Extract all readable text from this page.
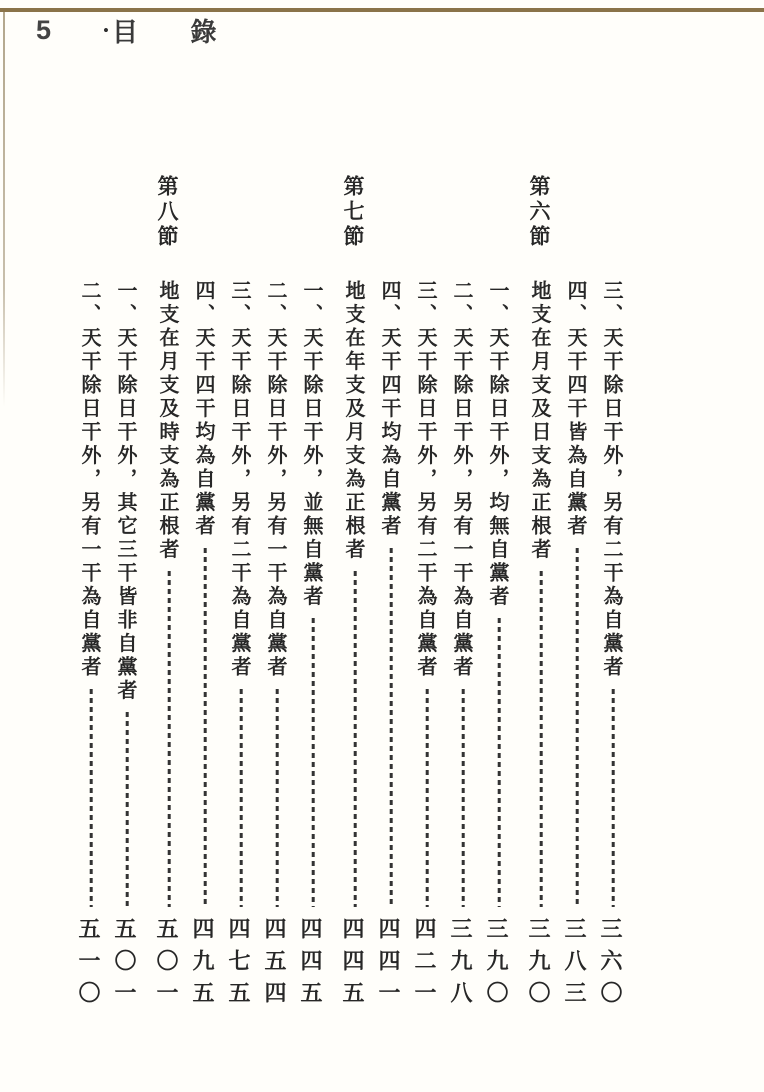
5	• 目 錄
三、天干除日干外，另有二干為自黨者
三六〇
四、天干四干皆為自黨者
三八三
第六節
地支在月支及日支為正根者
三九〇
一、天干除日干外，均無自黨者
三九〇
二、天干除日干外，另有一干為自黨者
三九八
三、天干除日干外，另有二干為自黨者
四二一
四、天干四干均為自黨者
四四一
第七節
地支在年支及月支為正根者
四四五
一、天干除日干外，並無自黨者
四四五
二、天干除日干外，另有一干為自黨者
四五四
三、天干除日干外，另有二干為自黨者
四七五
四、天干四干均為自黨者
四九五
第八節
地支在月支及時支為正根者
五〇一
一、天干除日干外，其它三干皆非自黨者
五〇一
二、天干除日干外，另有一干為自黨者
五一〇
